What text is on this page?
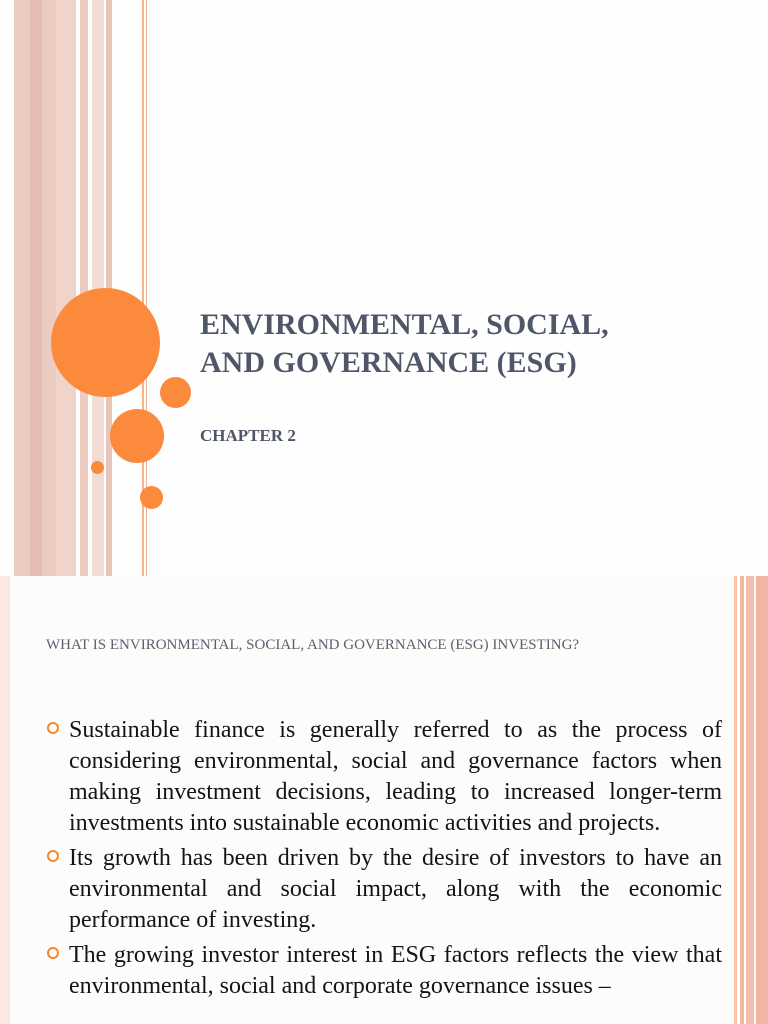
ENVIRONMENTAL, SOCIAL,
AND GOVERNANCE (ESG)

CHAPTER 2

WHAT IS ENVIRONMENTAL, SOCIAL, AND GOVERNANCE (ESG) INVESTING?

Sustainable finance is generally referred to as the process of considering environmental, social and governance factors when making investment decisions, leading to increased longer-term investments into sustainable economic activities and projects.
Its growth has been driven by the desire of investors to have an environmental and social impact, along with the economic performance of investing.
The growing investor interest in ESG factors reflects the view that environmental, social and corporate governance issues –
